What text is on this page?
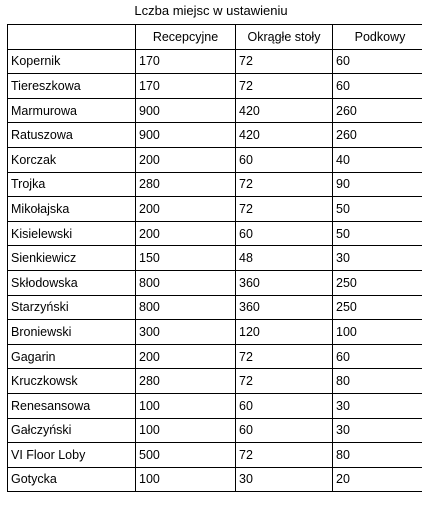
Lczba miejsc w ustawieniu
	Recepcyjne	Okrągłe stoły	Podkowy
Kopernik	170	72	60
Tiereszkowa	170	72	60
Marmurowa	900	420	260
Ratuszowa	900	420	260
Korczak	200	60	40
Trojka	280	72	90
Mikołajska	200	72	50
Kisielewski	200	60	50
Sienkiewicz	150	48	30
Skłodowska	800	360	250
Starzyński	800	360	250
Broniewski	300	120	100
Gagarin	200	72	60
Kruczkowsk	280	72	80
Renesansowa	100	60	30
Gałczyński	100	60	30
VI Floor Loby	500	72	80
Gotycka	100	30	20
